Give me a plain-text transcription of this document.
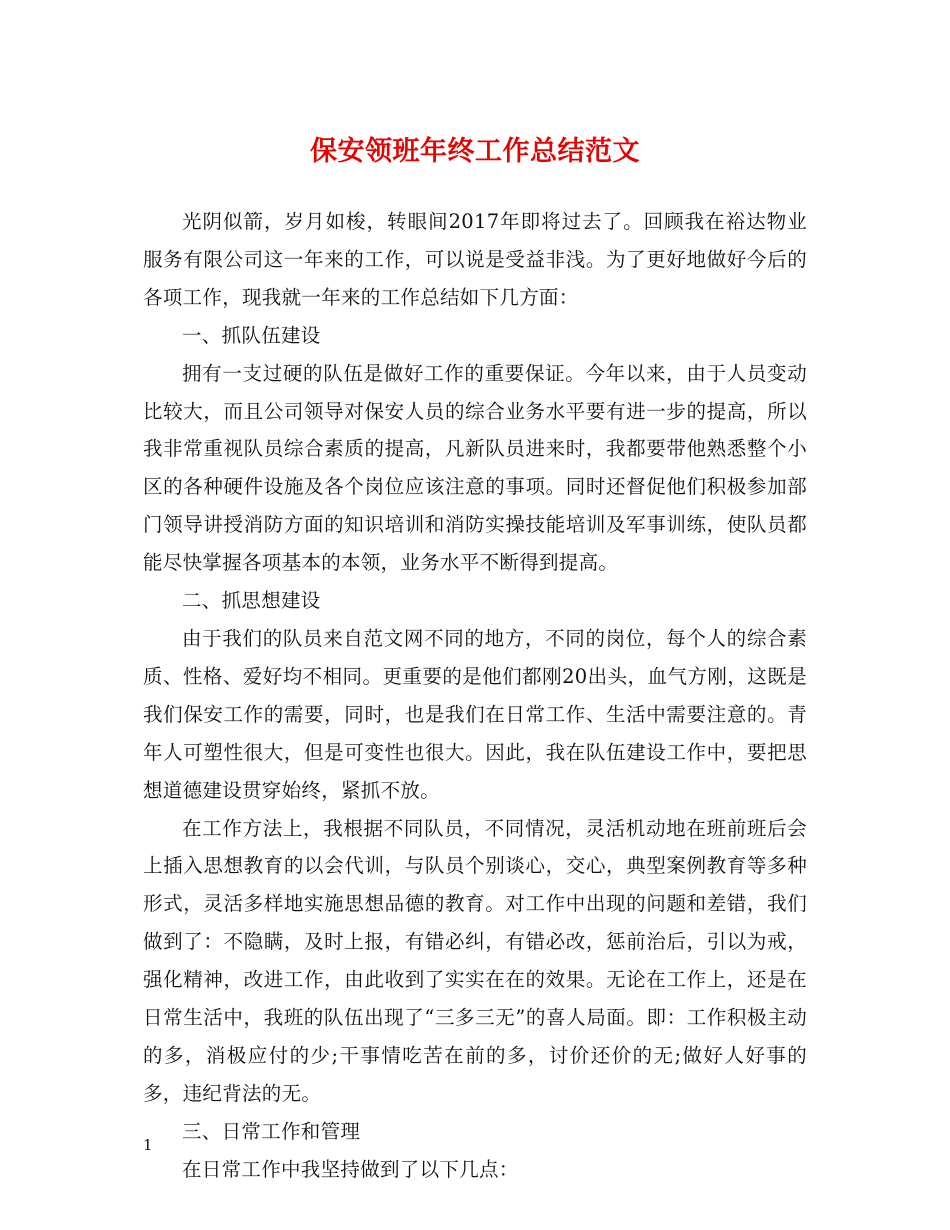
保安领班年终工作总结范文

光阴似箭，岁月如梭，转眼间2017年即将过去了。回顾我在裕达物业服务有限公司这一年来的工作，可以说是受益非浅。为了更好地做好今后的各项工作，现我就一年来的工作总结如下几方面：

一、抓队伍建设

拥有一支过硬的队伍是做好工作的重要保证。今年以来，由于人员变动比较大，而且公司领导对保安人员的综合业务水平要有进一步的提高，所以我非常重视队员综合素质的提高，凡新队员进来时，我都要带他熟悉整个小区的各种硬件设施及各个岗位应该注意的事项。同时还督促他们积极参加部门领导讲授消防方面的知识培训和消防实操技能培训及军事训练，使队员都能尽快掌握各项基本的本领，业务水平不断得到提高。

二、抓思想建设

由于我们的队员来自范文网不同的地方，不同的岗位，每个人的综合素质、性格、爱好均不相同。更重要的是他们都刚20出头，血气方刚，这既是我们保安工作的需要，同时，也是我们在日常工作、生活中需要注意的。青年人可塑性很大，但是可变性也很大。因此，我在队伍建设工作中，要把思想道德建设贯穿始终，紧抓不放。

在工作方法上，我根据不同队员，不同情况，灵活机动地在班前班后会上插入思想教育的以会代训，与队员个别谈心，交心，典型案例教育等多种形式，灵活多样地实施思想品德的教育。对工作中出现的问题和差错，我们做到了：不隐瞒，及时上报，有错必纠，有错必改，惩前治后，引以为戒，强化精神，改进工作，由此收到了实实在在的效果。无论在工作上，还是在日常生活中，我班的队伍出现了“三多三无”的喜人局面。即：工作积极主动的多，消极应付的少;干事情吃苦在前的多，讨价还价的无;做好人好事的多，违纪背法的无。

三、日常工作和管理

在日常工作中我坚持做到了以下几点：

1
